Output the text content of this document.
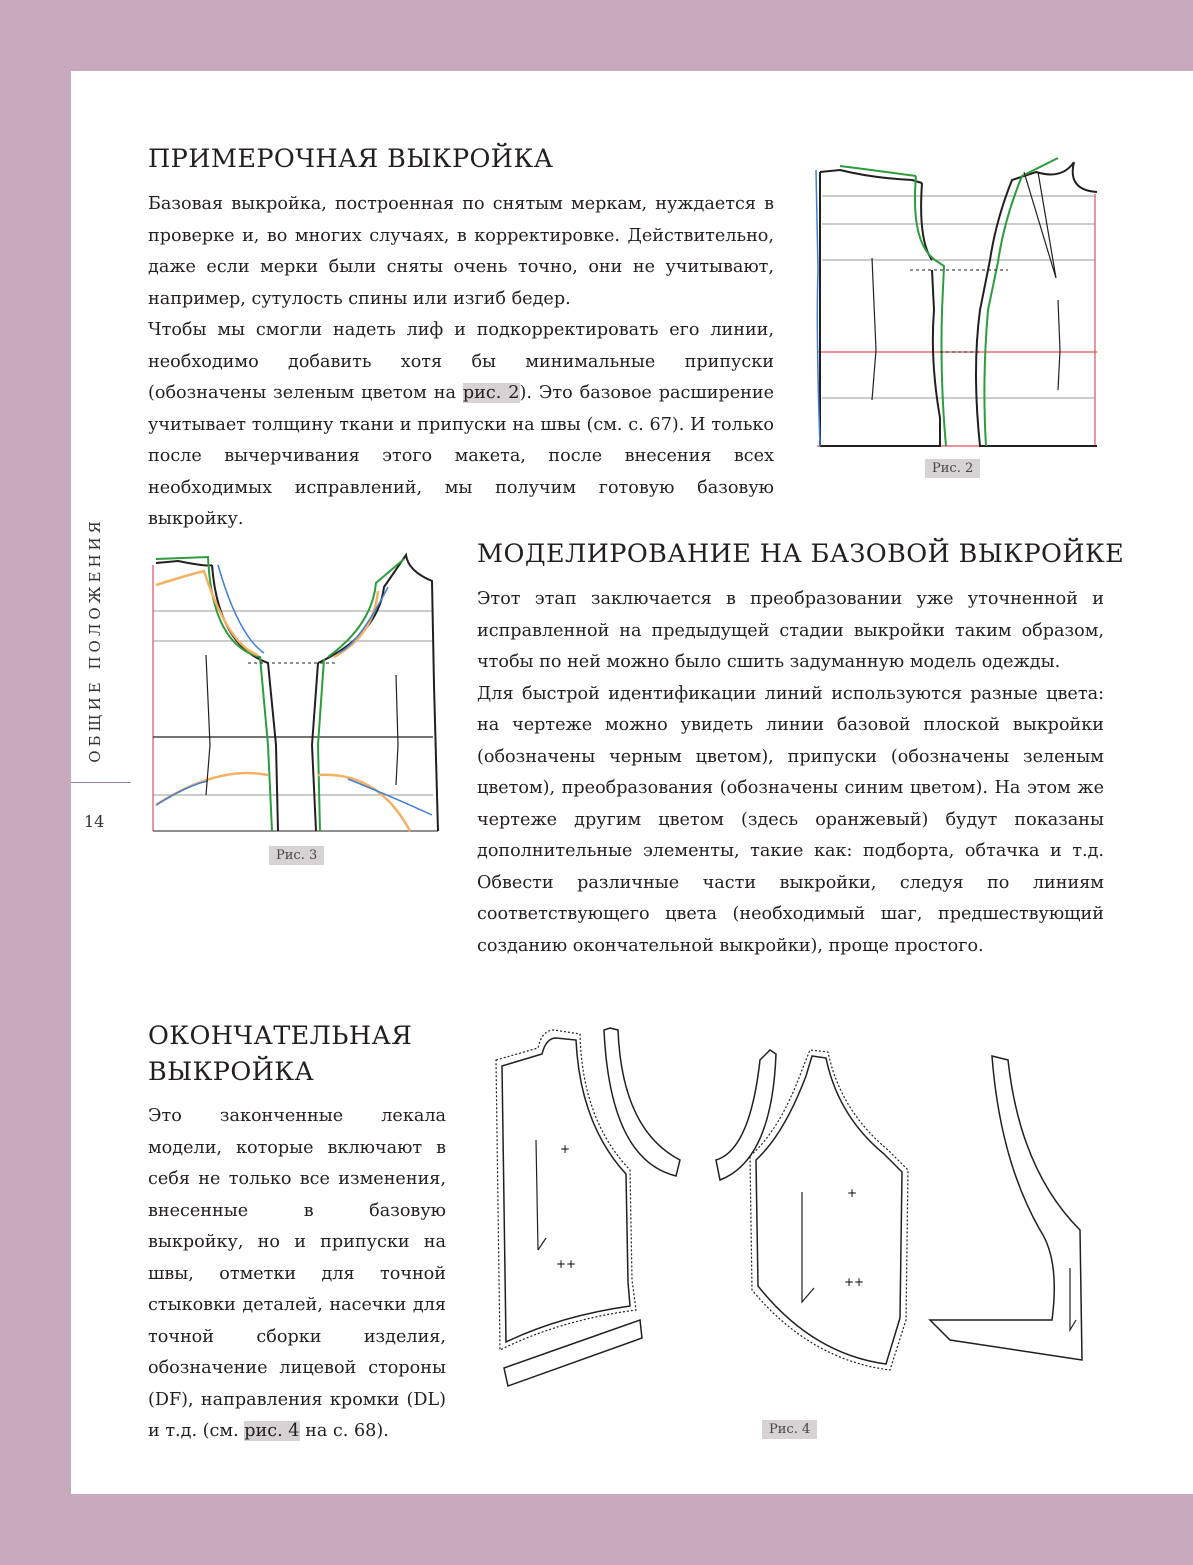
ОБЩИЕ ПОЛОЖЕНИЯ
14
ПРИМЕРОЧНАЯ ВЫКРОЙКА

Базовая выкройка, построенная по снятым меркам, нуждается в проверке и, во многих случаях, в корректировке. Действительно, даже если мерки были сняты очень точно, они не учитывают, например, сутулость спины или изгиб бедер.

Чтобы мы смогли надеть лиф и подкорректировать его линии, необходимо добавить хотя бы минимальные припуски (обозначены зеленым цветом на рис. 2). Это базовое расширение учитывает толщину ткани и припуски на швы (см. с. 67). И только после вычерчивания этого макета, после внесения всех необходимых исправлений, мы получим готовую базовую выкройку.

Рис. 2
Рис. 3
МОДЕЛИРОВАНИЕ НА БАЗОВОЙ ВЫКРОЙКЕ

Этот этап заключается в преобразовании уже уточненной и исправленной на предыдущей стадии выкройки таким образом, чтобы по ней можно было сшить задуманную модель одежды.

Для быстрой идентификации линий используются разные цвета: на чертеже можно увидеть линии базовой плоской выкройки (обозначены черным цветом), припуски (обозначены зеленым цветом), преобразования (обозначены синим цветом). На этом же чертеже другим цветом (здесь оранжевый) будут показаны дополнительные элементы, такие как: подборта, обтачка и т.д. Обвести различные части выкройки, следуя по линиям соответствующего цвета (необходимый шаг, предшествующий созданию окончательной выкройки), проще простого.

ОКОНЧАТЕЛЬНАЯ
ВЫКРОЙКА

Это законченные лекала модели, которые включают в себя не только все изменения, внесенные в базовую выкройку, но и припуски на швы, отметки для точной стыковки деталей, насечки для точной сборки изделия, обозначение лицевой стороны (DF), направления кромки (DL) и т.д. (см. рис. 4 на с. 68).

+
++
+
++
Рис. 4
